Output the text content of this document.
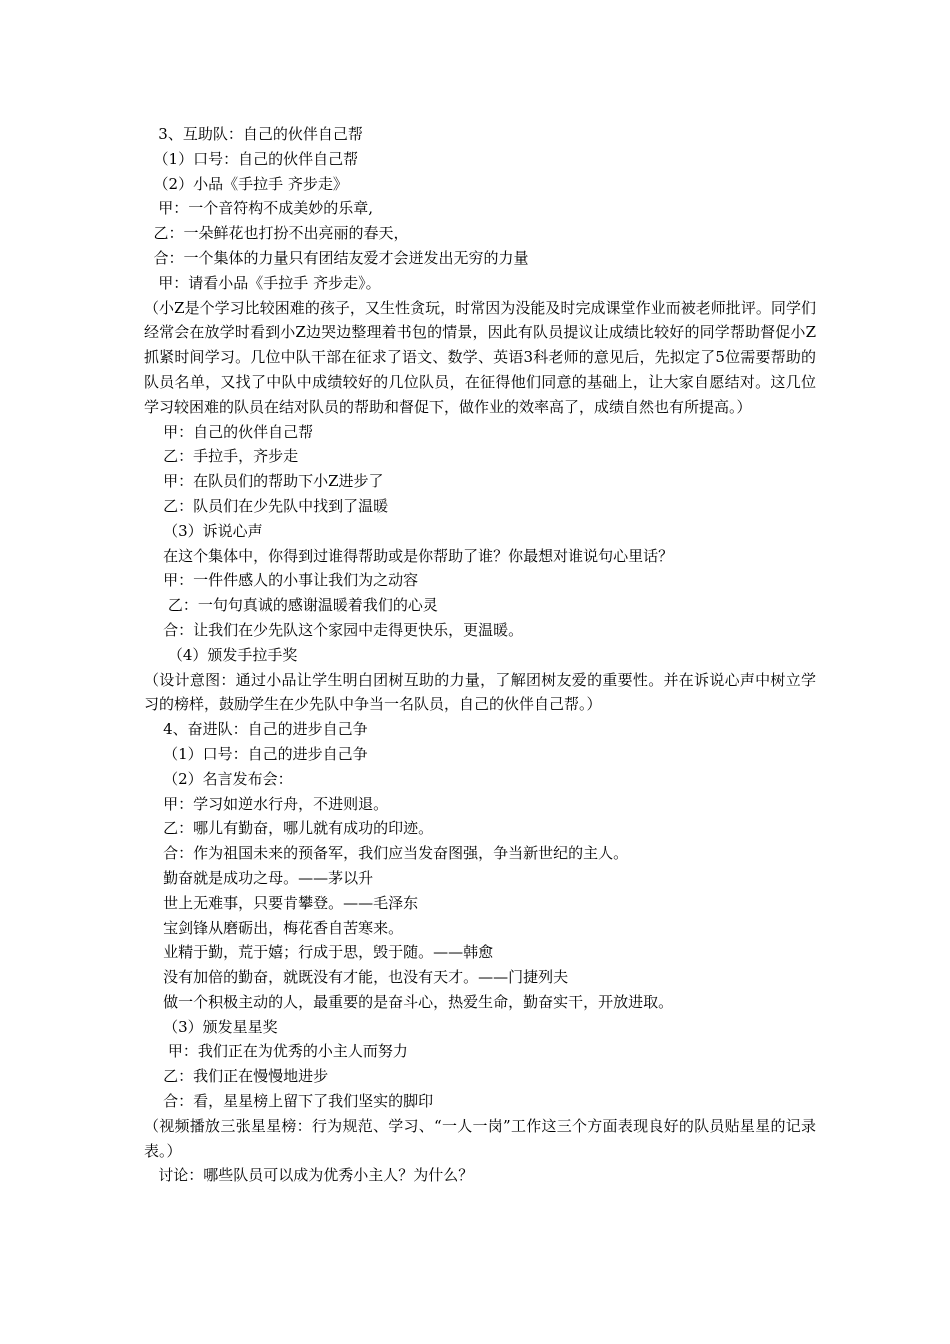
3、互助队：自己的伙伴自己帮
（1）口号：自己的伙伴自己帮
（2）小品《手拉手 齐步走》
甲：一个音符构不成美妙的乐章,
乙：一朵鲜花也打扮不出亮丽的春天，
合：一个集体的力量只有团结友爱才会迸发出无穷的力量
甲：请看小品《手拉手 齐步走》。
（小Z是个学习比较困难的孩子，又生性贪玩，时常因为没能及时完成课堂作业而被老师批评。同学们经常会在放学时看到小Z边哭边整理着书包的情景，因此有队员提议让成绩比较好的同学帮助督促小Z抓紧时间学习。几位中队干部在征求了语文、数学、英语3科老师的意见后，先拟定了5位需要帮助的队员名单，又找了中队中成绩较好的几位队员，在征得他们同意的基础上，让大家自愿结对。这几位学习较困难的队员在结对队员的帮助和督促下，做作业的效率高了，成绩自然也有所提高。）
甲：自己的伙伴自己帮
乙：手拉手，齐步走
甲：在队员们的帮助下小Z进步了
乙：队员们在少先队中找到了温暖
（3）诉说心声
在这个集体中，你得到过谁得帮助或是你帮助了谁？你最想对谁说句心里话？
甲：一件件感人的小事让我们为之动容
乙：一句句真诚的感谢温暖着我们的心灵
合：让我们在少先队这个家园中走得更快乐，更温暖。
（4）颁发手拉手奖
（设计意图：通过小品让学生明白团树互助的力量，了解团树友爱的重要性。并在诉说心声中树立学习的榜样，鼓励学生在少先队中争当一名队员，自己的伙伴自己帮。）
4、奋进队：自己的进步自己争
（1）口号：自己的进步自己争
（2）名言发布会：
甲：学习如逆水行舟，不进则退。
乙：哪儿有勤奋，哪儿就有成功的印迹。
合：作为祖国未来的预备军，我们应当发奋图强，争当新世纪的主人。
勤奋就是成功之母。——茅以升
世上无难事，只要肯攀登。——毛泽东
宝剑锋从磨砺出，梅花香自苦寒来。
业精于勤，荒于嬉；行成于思，毁于随。——韩愈
没有加倍的勤奋，就既没有才能，也没有天才。——门捷列夫
做一个积极主动的人，最重要的是奋斗心，热爱生命，勤奋实干，开放进取。
（3）颁发星星奖
甲：我们正在为优秀的小主人而努力
乙：我们正在慢慢地进步
合：看，星星榜上留下了我们坚实的脚印
（视频播放三张星星榜：行为规范、学习、“一人一岗”工作这三个方面表现良好的队员贴星星的记录表。）
讨论：哪些队员可以成为优秀小主人？为什么？
